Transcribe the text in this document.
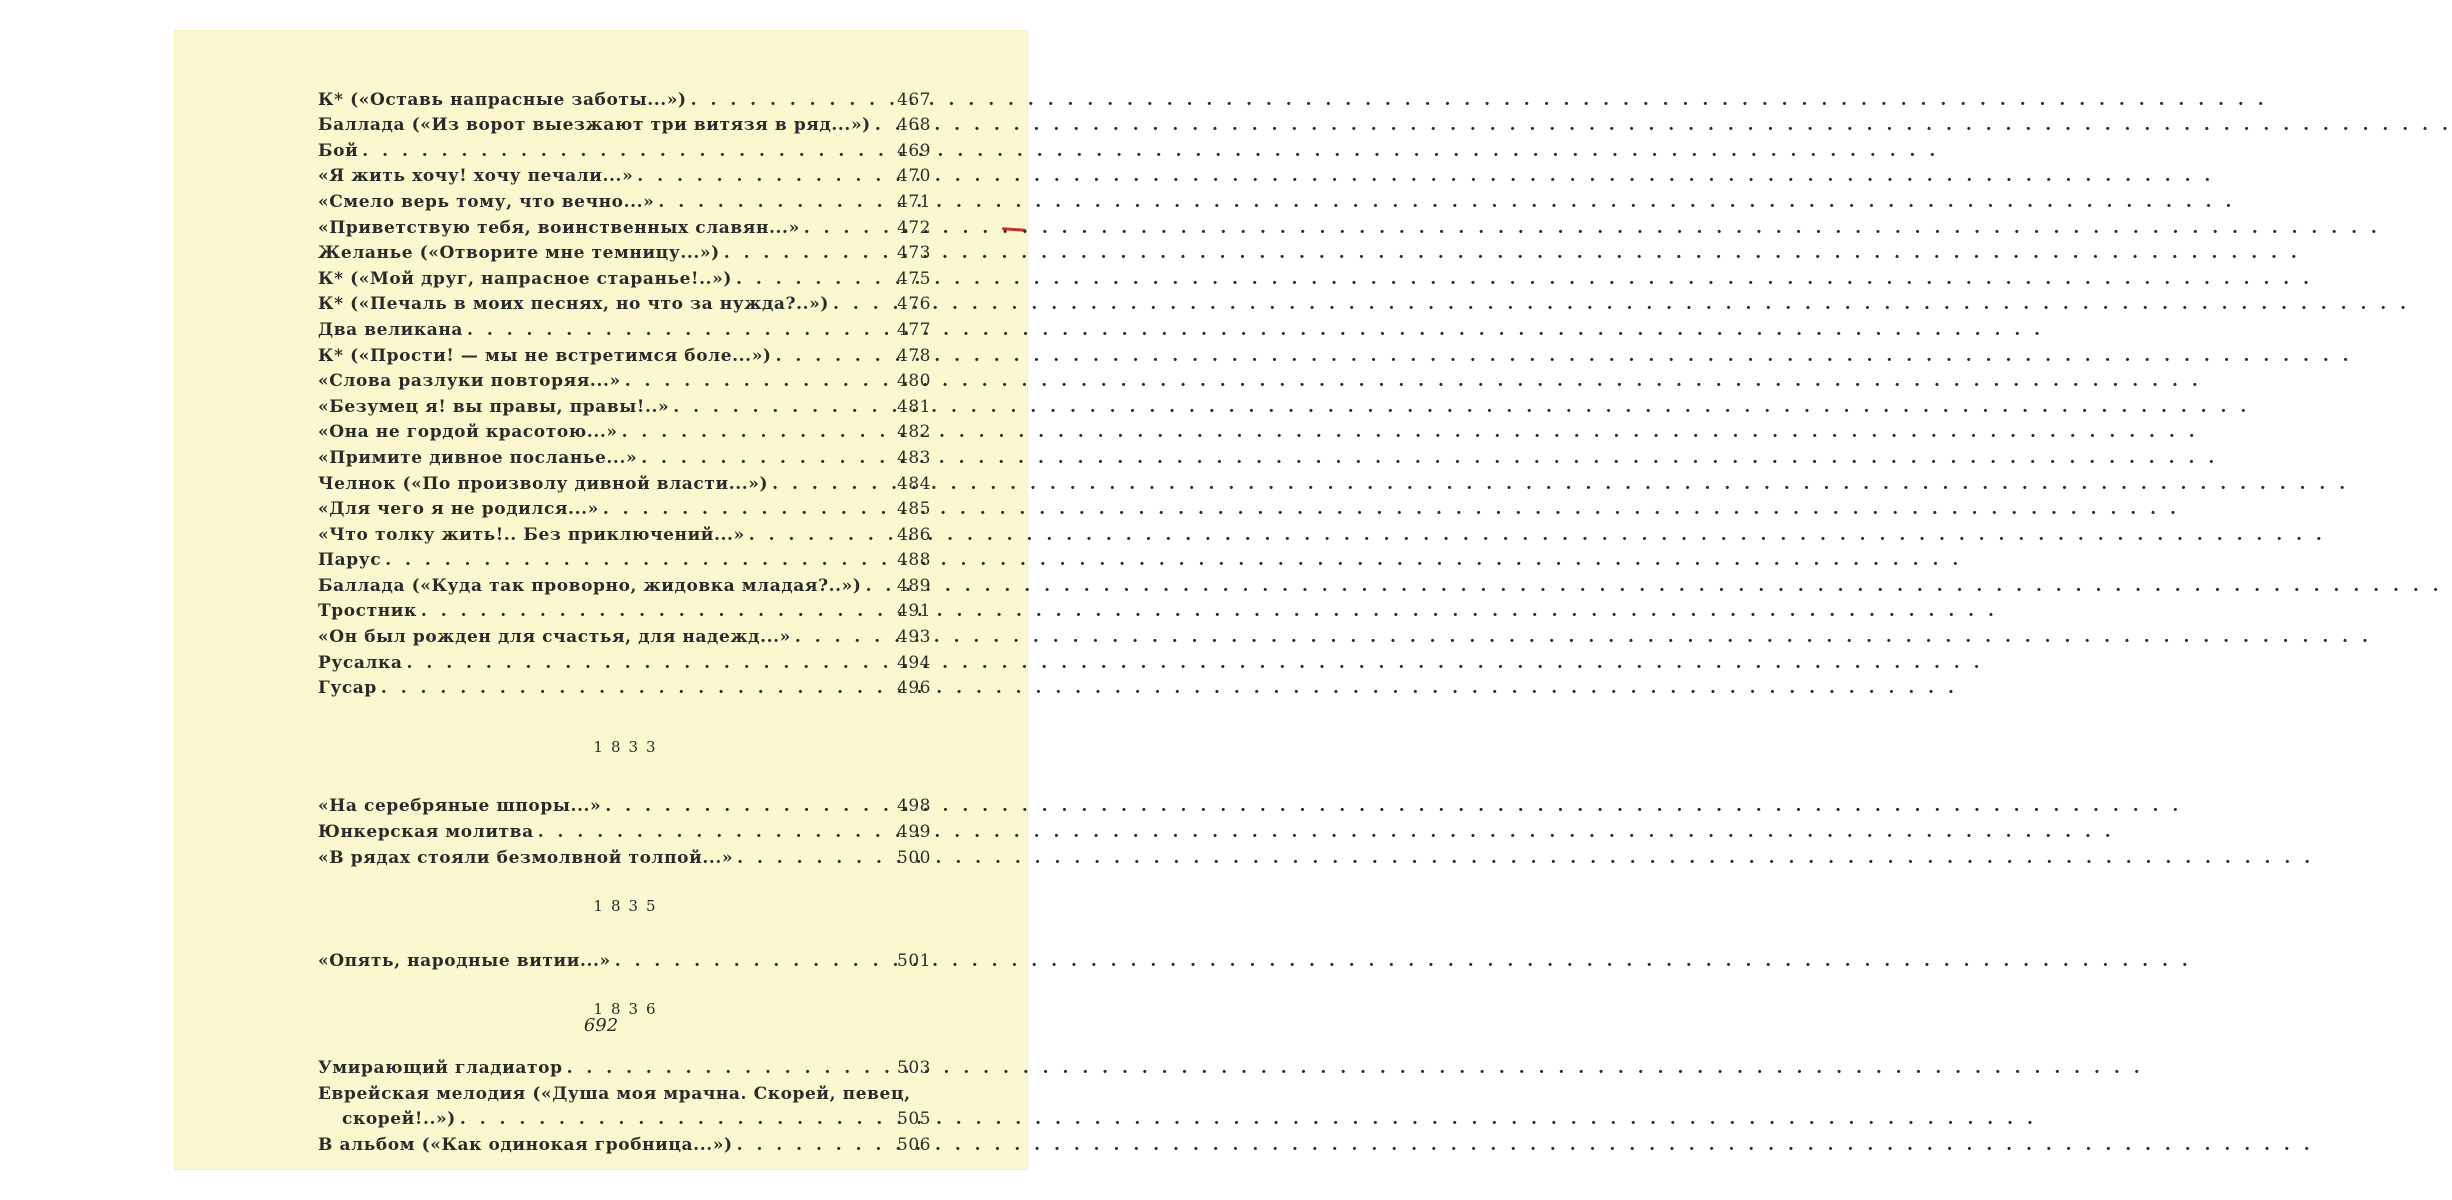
К* («Оставь напрасные заботы...») . . .	467
Баллада («Из ворот выезжают три витязя в ряд...») . . . 468
Бой . . .	469
«Я жить хочу! хочу печали...» . . .	470
«Смело верь тому, что вечно...» . . .	471
«Приветствую тебя, воинственных славян...» . . .	472
Желанье («Отворите мне темницу...») . . .	473
К* («Мой друг, напрасное старанье!..») . . .	475
К* («Печаль в моих песнях, но что за нужда?..») . . .	476
Два великана . . .	477
К* («Прости! — мы не встретимся боле...») . . .	478
«Слова разлуки повторяя...» . . .	480
«Безумец я! вы правы, правы!..» . . .	481
«Она не гордой красотою...» . . .	482
«Примите дивное посланье...» . . .	483
Челнок («По произволу дивной власти...») . . .	484
«Для чего я не родился...» . . .	485
«Что толку жить!.. Без приключений...» . . .	486
Парус . . .	488
Баллада («Куда так проворно, жидовка младая?..») . . . 489
Тростник . . .	491
«Он был рожден для счастья, для надежд...» . . .	493
Русалка . . .	494
Гусар . . .	496
1833
«На серебряные шпоры...» . . .	498
Юнкерская молитва . . .	499
«В рядах стояли безмолвной толпой...» . . .	500
1835
«Опять, народные витии...» . . .	501
1836
Умирающий гладиатор . . .	503
Еврейская мелодия («Душа моя мрачна. Скорей, певец,
скорей!..») . . .	505
В альбом («Как одинокая гробница...») . . .	506
692
